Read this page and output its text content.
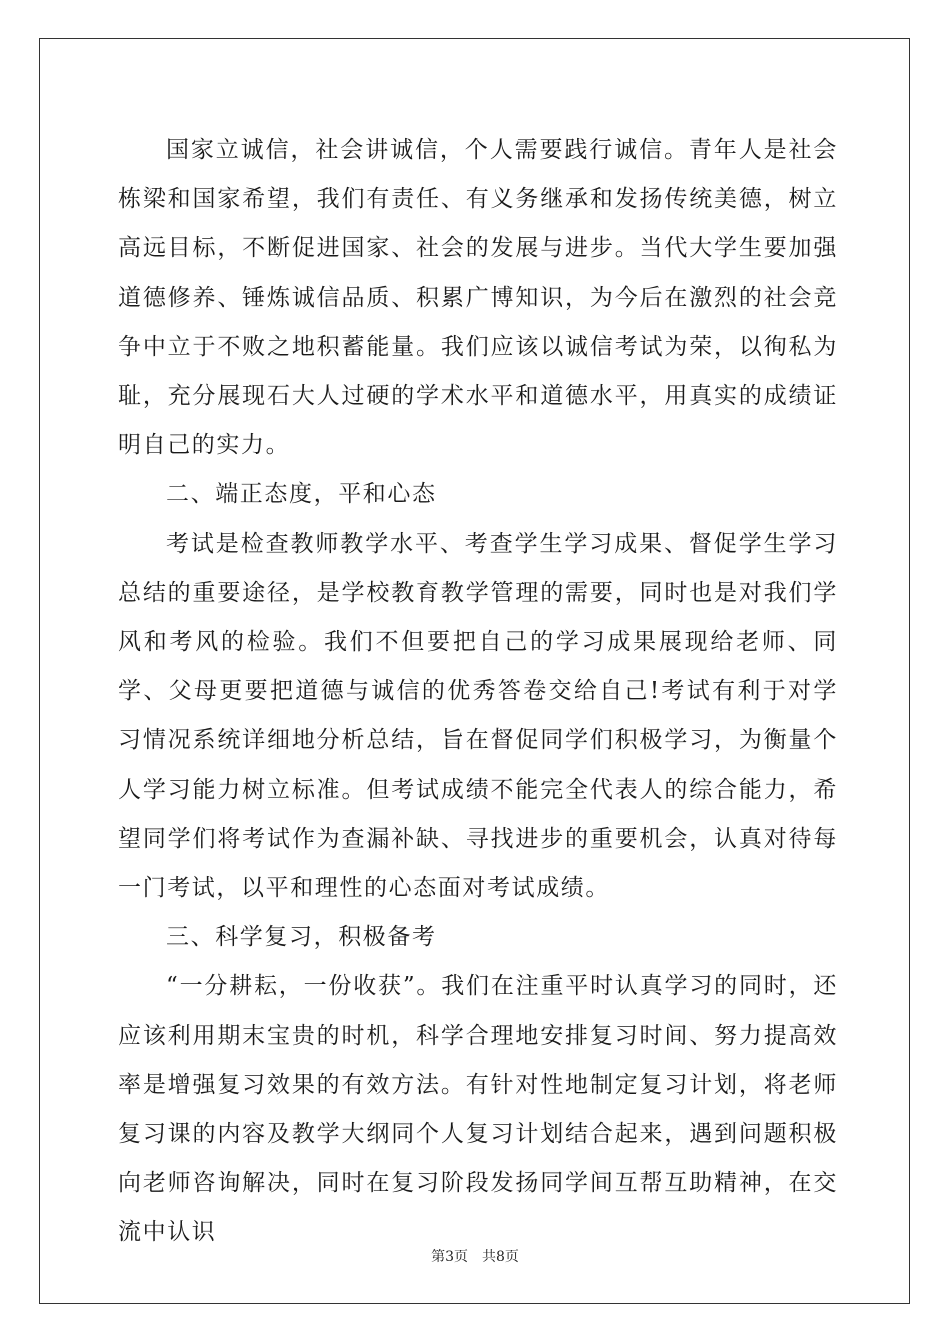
国家立诚信，社会讲诚信，个人需要践行诚信。青年人是社会栋梁和国家希望，我们有责任、有义务继承和发扬传统美德，树立高远目标，不断促进国家、社会的发展与进步。当代大学生要加强道德修养、锤炼诚信品质、积累广博知识，为今后在激烈的社会竞争中立于不败之地积蓄能量。我们应该以诚信考试为荣，以徇私为耻，充分展现石大人过硬的学术水平和道德水平，用真实的成绩证明自己的实力。

二、端正态度，平和心态

考试是检查教师教学水平、考查学生学习成果、督促学生学习总结的重要途径，是学校教育教学管理的需要，同时也是对我们学风和考风的检验。我们不但要把自己的学习成果展现给老师、同学、父母更要把道德与诚信的优秀答卷交给自己!考试有利于对学习情况系统详细地分析总结，旨在督促同学们积极学习，为衡量个人学习能力树立标准。但考试成绩不能完全代表人的综合能力，希望同学们将考试作为查漏补缺、寻找进步的重要机会，认真对待每一门考试，以平和理性的心态面对考试成绩。

三、科学复习，积极备考

“一分耕耘，一份收获”。我们在注重平时认真学习的同时，还应该利用期末宝贵的时机，科学合理地安排复习时间、努力提高效率是增强复习效果的有效方法。有针对性地制定复习计划，将老师复习课的内容及教学大纲同个人复习计划结合起来，遇到问题积极向老师咨询解决，同时在复习阶段发扬同学间互帮互助精神，在交流中认识

第3页　共8页
